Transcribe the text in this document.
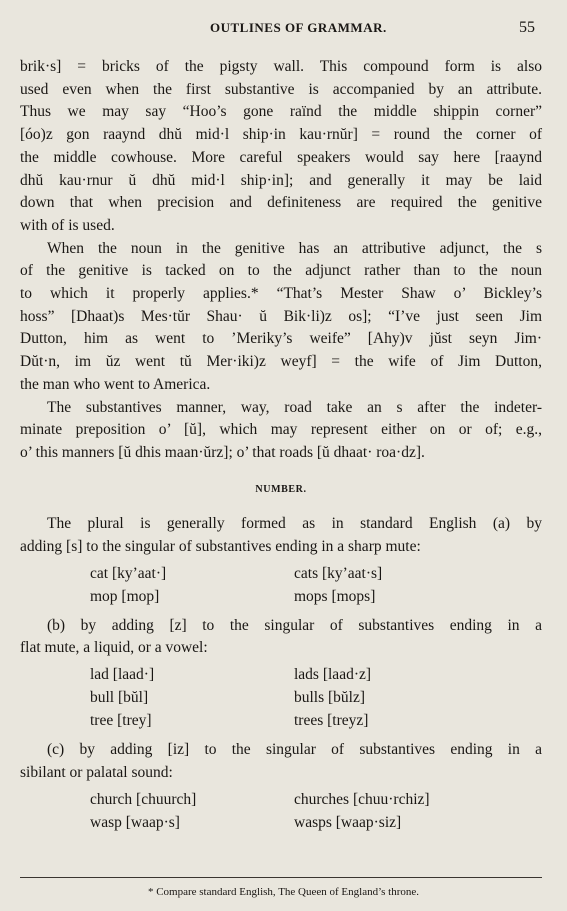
OUTLINES OF GRAMMAR.	55

brik·s] = bricks of the pigsty wall. This compound form is also
used even when the first substantive is accompanied by an attribute.
Thus we may say “Hoo’s gone raïnd the middle shippin corner”
[óo)z gon raaynd dhŭ mid·l ship·in kau·rnŭr] = round the corner of
the middle cowhouse. More careful speakers would say here [raaynd
dhŭ kau·rnur ŭ dhŭ mid·l ship·in]; and generally it may be laid
down that when precision and definiteness are required the genitive
with of is used.

When the noun in the genitive has an attributive adjunct, the s
of the genitive is tacked on to the adjunct rather than to the noun
to which it properly applies.* “That’s Mester Shaw o’ Bickley’s
hoss” [Dhaat)s Mes·tŭr Shau· ŭ Bik·li)z os]; “I’ve just seen Jim
Dutton, him as went to ’Meriky’s weife” [Ahy)v jŭst seyn Jim·
Dŭt·n, im ŭz went tŭ Mer·iki)z weyf] = the wife of Jim Dutton,
the man who went to America.

The substantives manner, way, road take an s after the indeter-
minate preposition o’ [ŭ], which may represent either on or of; e.g.,
o’ this manners [ŭ dhis maan·ŭrz]; o’ that roads [ŭ dhaat· roa·dz].

NUMBER.

The plural is generally formed as in standard English (a) by
adding [s] to the singular of substantives ending in a sharp mute:

cat [ky’aat·]	cats [ky’aat·s]
mop [mop]	mops [mops]

(b) by adding [z] to the singular of substantives ending in a
flat mute, a liquid, or a vowel:

lad [laad·]	lads [laad·z]
bull [bŭl]	bulls [bŭlz]
tree [trey]	trees [treyz]

(c) by adding [iz] to the singular of substantives ending in a
sibilant or palatal sound:

church [chuurch]	churches [chuu·rchiz]
wasp [waap·s]	wasps [waap·siz]
* Compare standard English, The Queen of England’s throne.
